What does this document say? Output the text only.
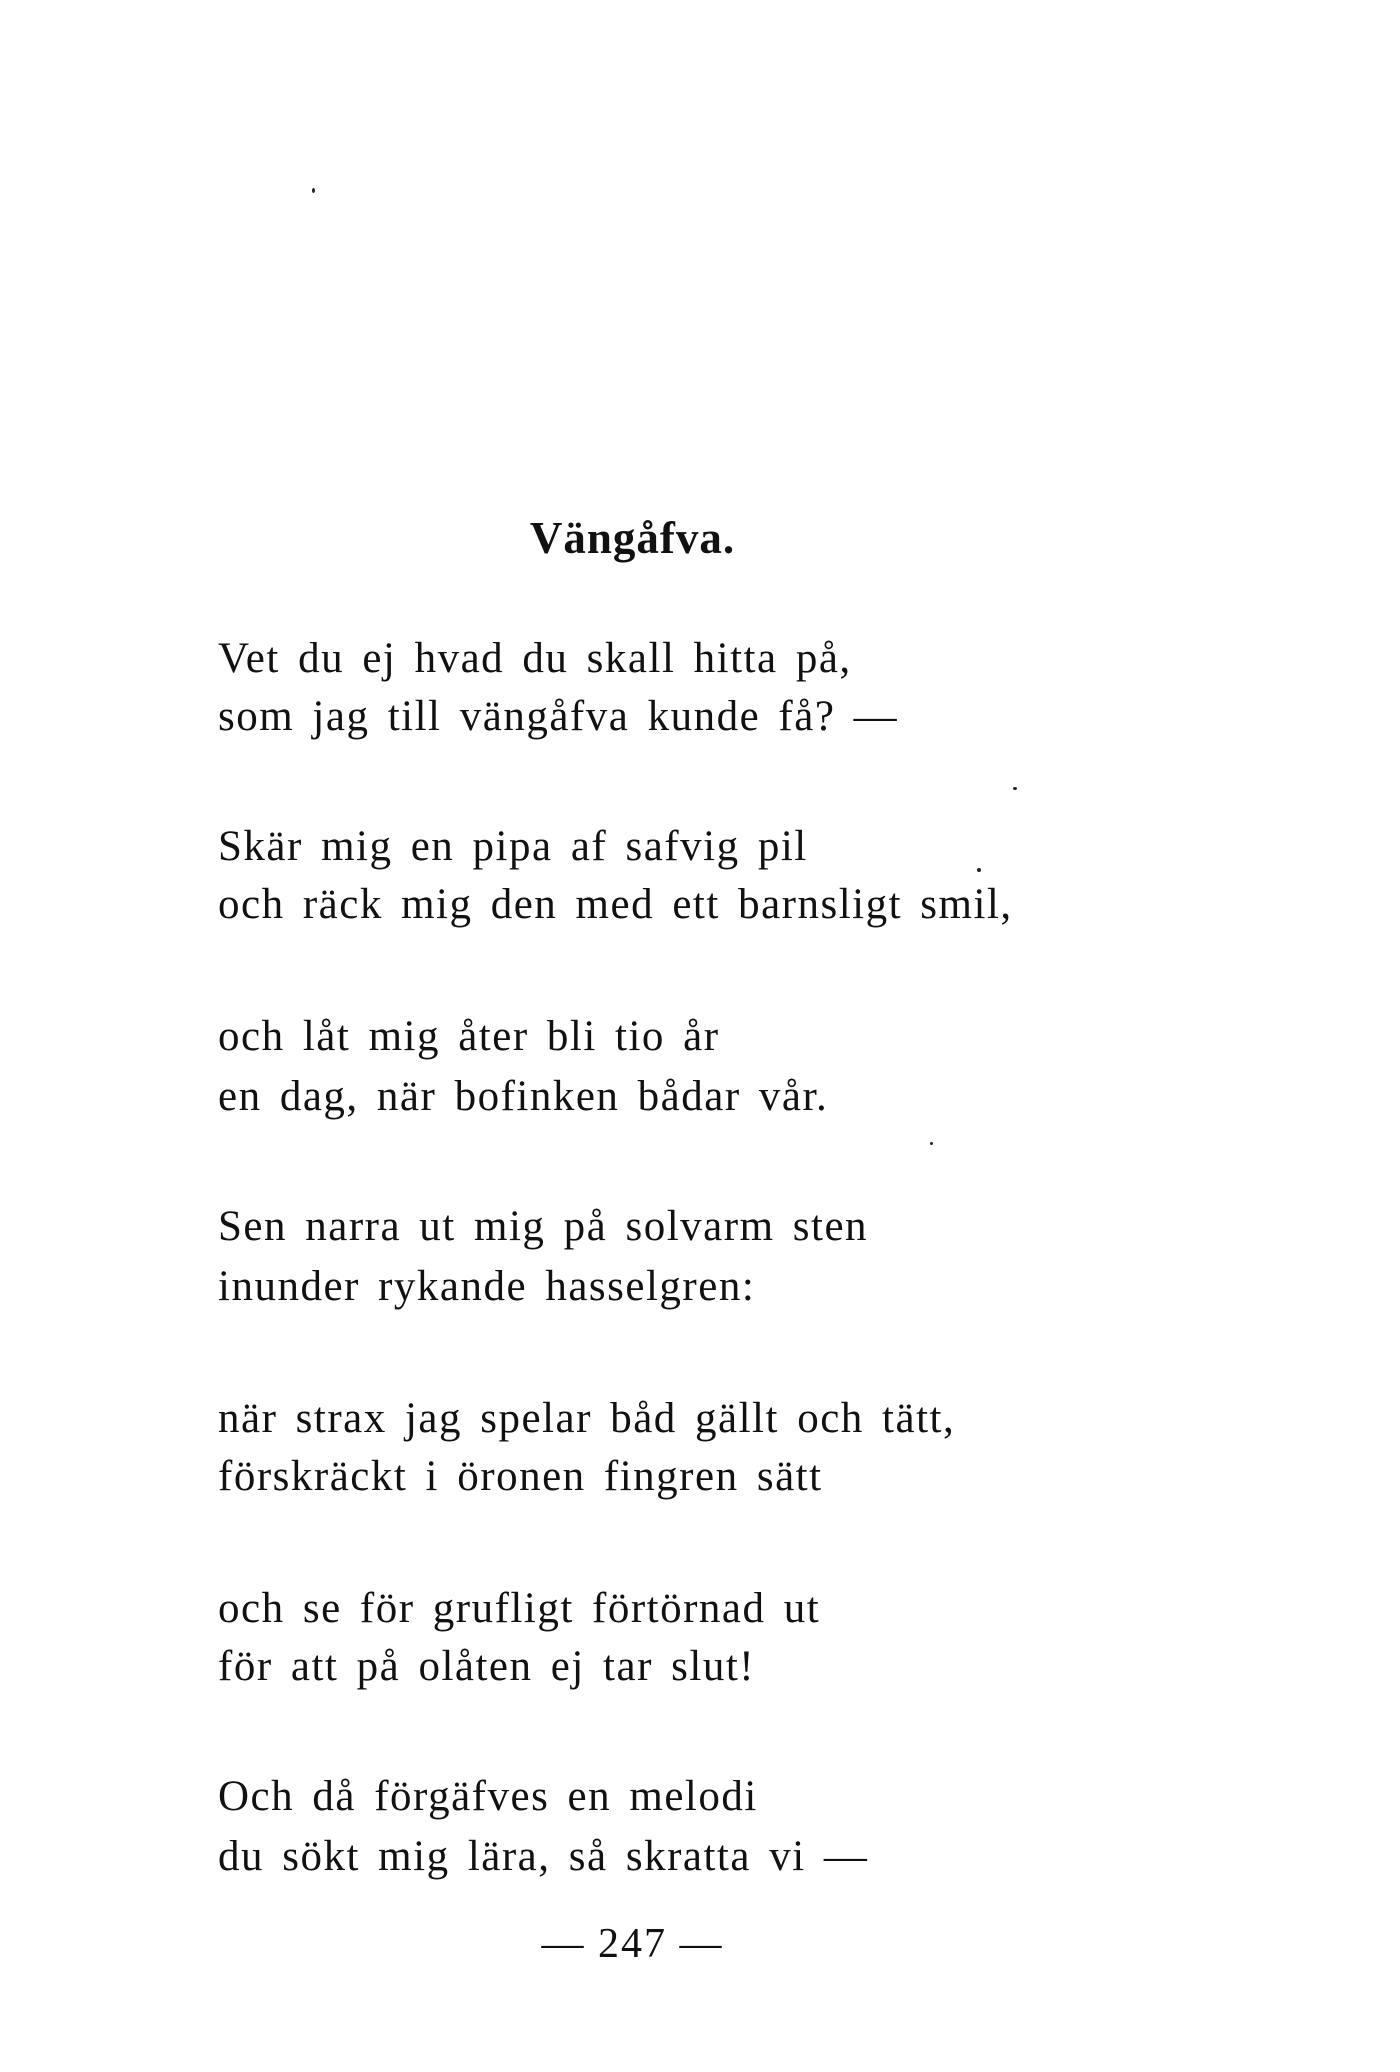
Vängåfva.
Vet du ej hvad du skall hitta på,
som jag till vängåfva kunde få? —
Skär mig en pipa af safvig pil
och räck mig den med ett barnsligt smil,
och låt mig åter bli tio år
en dag, när bofinken bådar vår.
Sen narra ut mig på solvarm sten
inunder rykande hasselgren:
när strax jag spelar båd gällt och tätt,
förskräckt i öronen fingren sätt
och se för grufligt förtörnad ut
för att på olåten ej tar slut!
Och då förgäfves en melodi
du sökt mig lära, så skratta vi —
— 247 —
